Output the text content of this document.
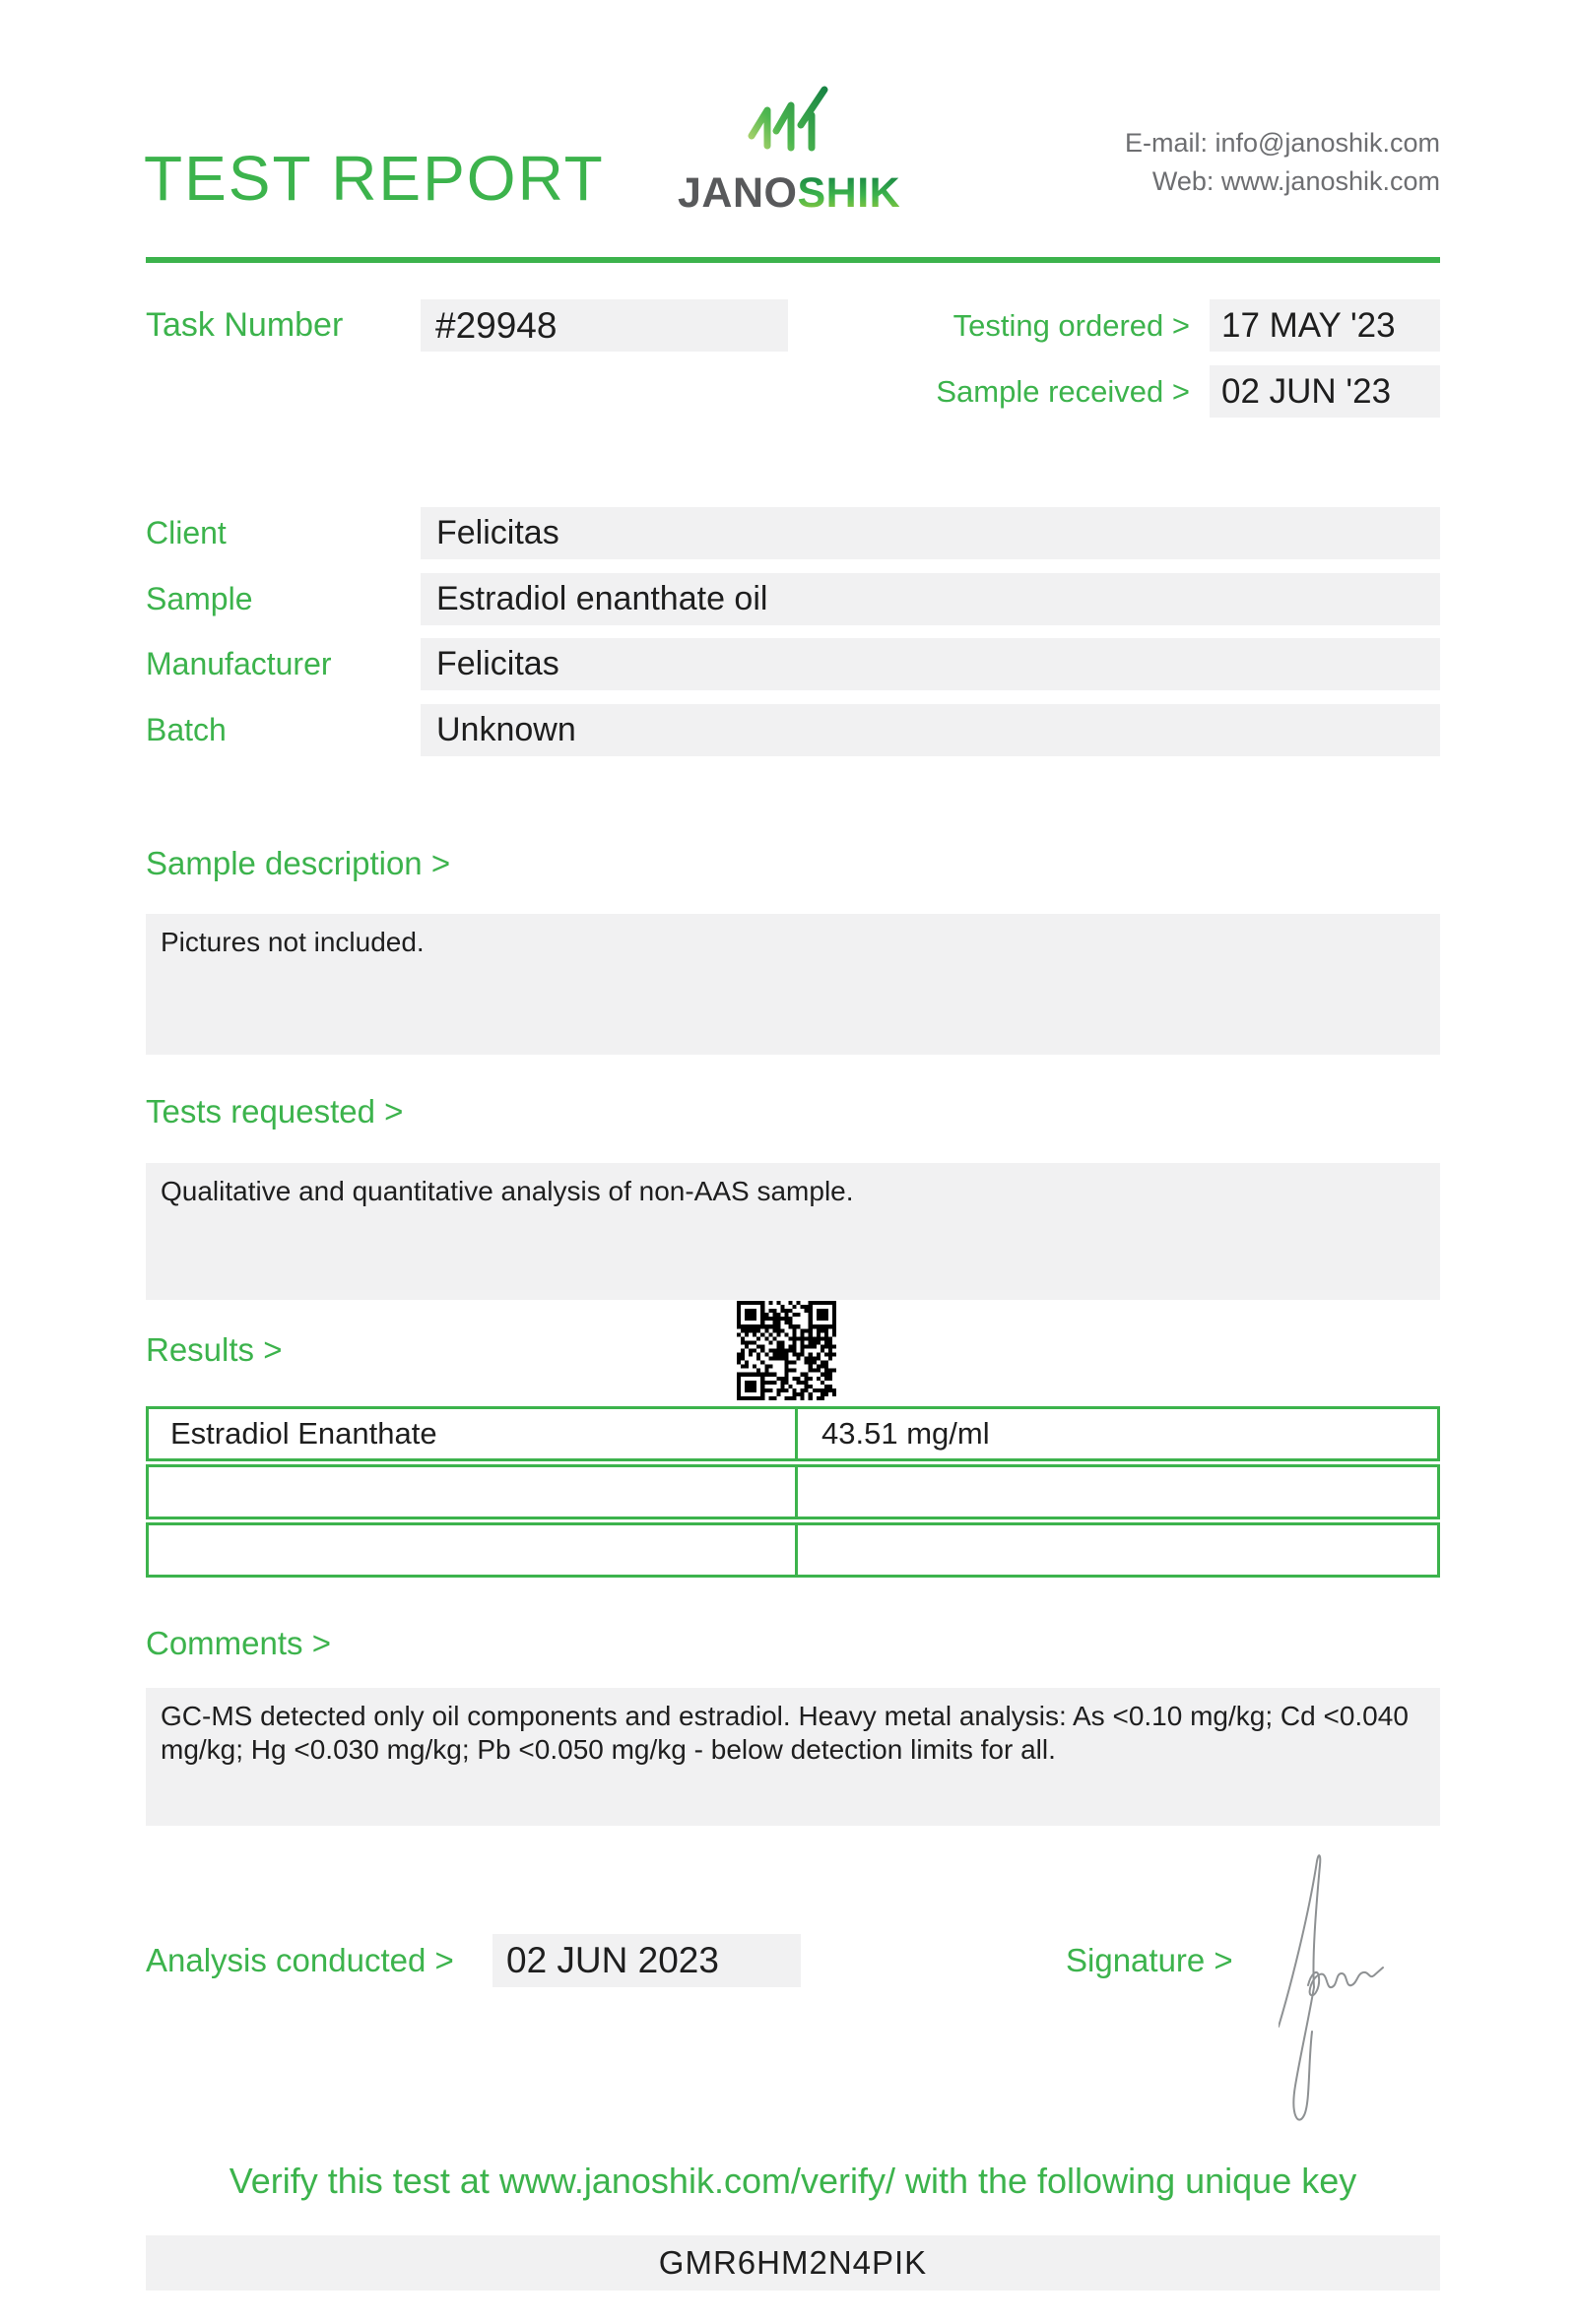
TEST REPORT JANOSHIK
E-mail: info@janoshik.com
Web: www.janoshik.com
Task Number	#29948	Testing ordered > 17 MAY '23
Sample received > 02 JUN '23
Client	Felicitas
Sample	Estradiol enanthate oil
Manufacturer	Felicitas
Batch	Unknown
Sample description >
Pictures not included.
Tests requested >
Qualitative and quantitative analysis of non-AAS sample.
Results >
Estradiol Enanthate	43.51 mg/ml
Comments >
GC-MS detected only oil components and estradiol. Heavy metal analysis: As <0.10 mg/kg; Cd <0.040 mg/kg; Hg <0.030 mg/kg; Pb <0.050 mg/kg - below detection limits for all.
Analysis conducted >	02 JUN 2023	Signature >
Verify this test at www.janoshik.com/verify/ with the following unique key
GMR6HM2N4PIK
